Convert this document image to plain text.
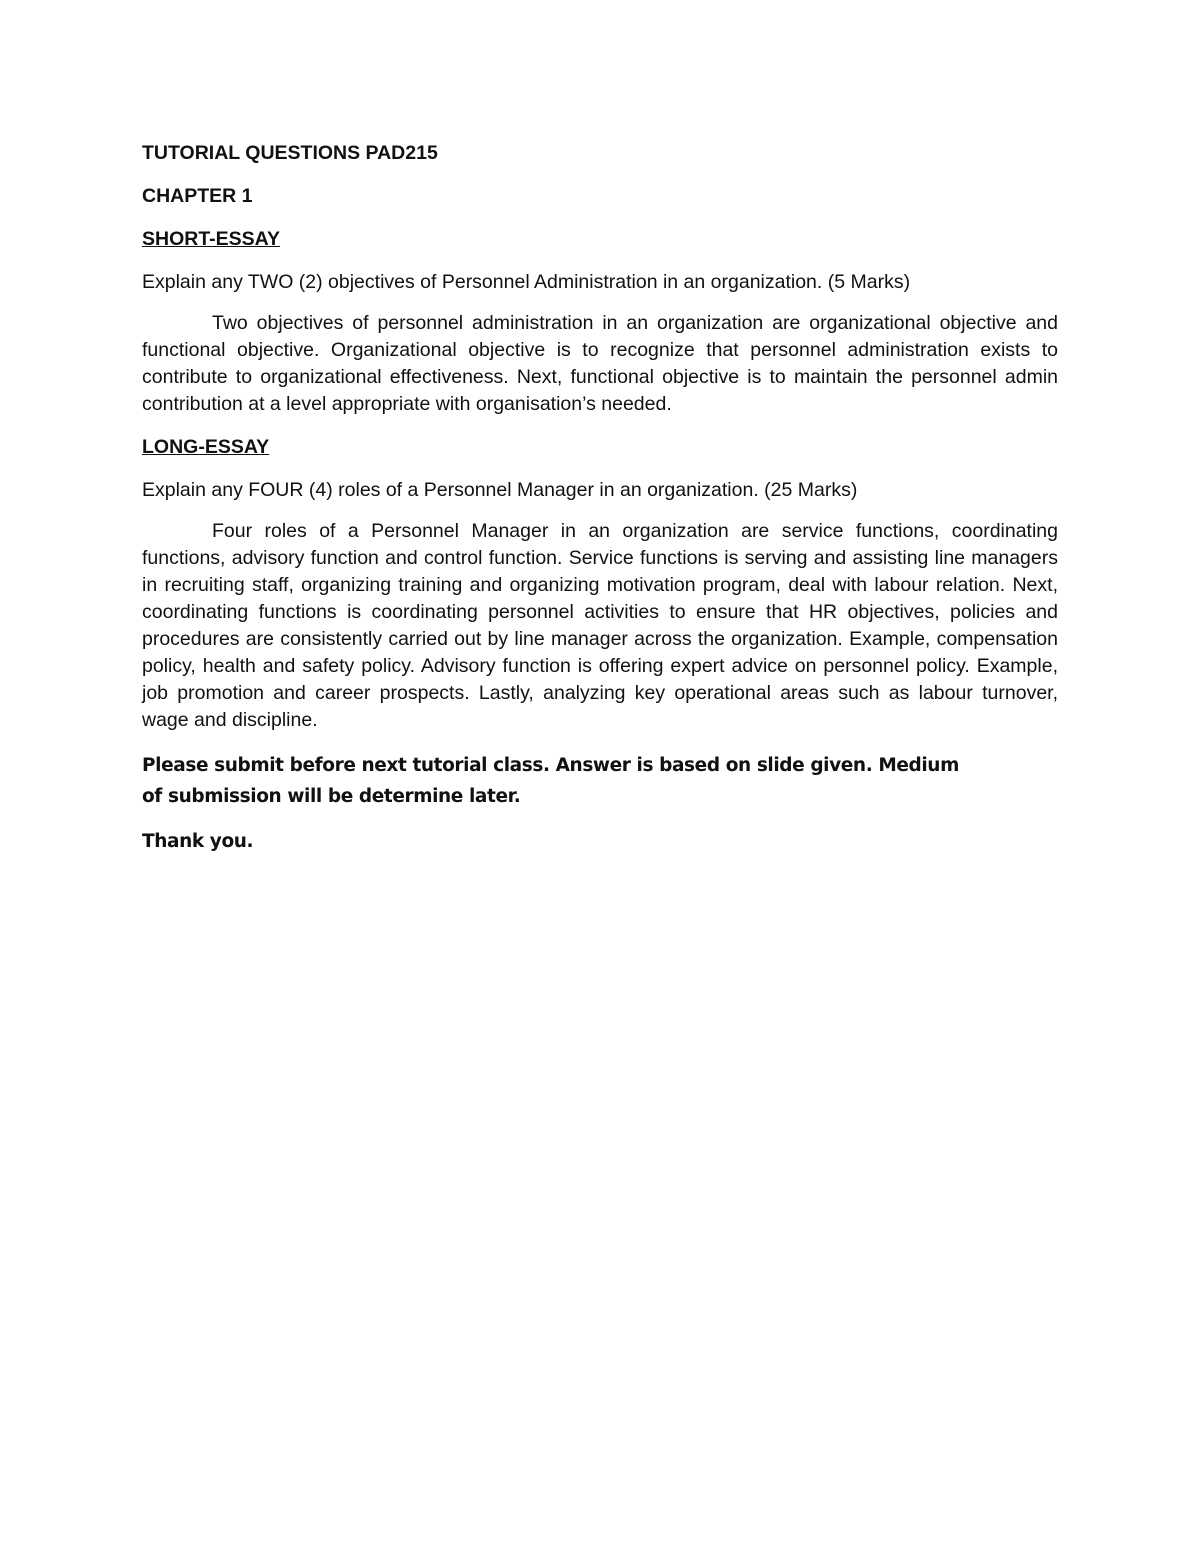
TUTORIAL QUESTIONS PAD215

CHAPTER 1

SHORT-ESSAY

Explain any TWO (2) objectives of Personnel Administration in an organization. (5 Marks)

Two objectives of personnel administration in an organization are organizational objective and functional objective. Organizational objective is to recognize that personnel administration exists to contribute to organizational effectiveness. Next, functional objective is to maintain the personnel admin contribution at a level appropriate with organisation’s needed.

LONG-ESSAY

Explain any FOUR (4) roles of a Personnel Manager in an organization. (25 Marks)

Four roles of a Personnel Manager in an organization are service functions, coordinating functions, advisory function and control function. Service functions is serving and assisting line managers in recruiting staff, organizing training and organizing motivation program, deal with labour relation. Next, coordinating functions is coordinating personnel activities to ensure that HR objectives, policies and procedures are consistently carried out by line manager across the organization. Example, compensation policy, health and safety policy. Advisory function is offering expert advice on personnel policy. Example, job promotion and career prospects. Lastly, analyzing key operational areas such as labour turnover, wage and discipline.

Please submit before next tutorial class. Answer is based on slide given. Medium of submission will be determine later.

Thank you.
